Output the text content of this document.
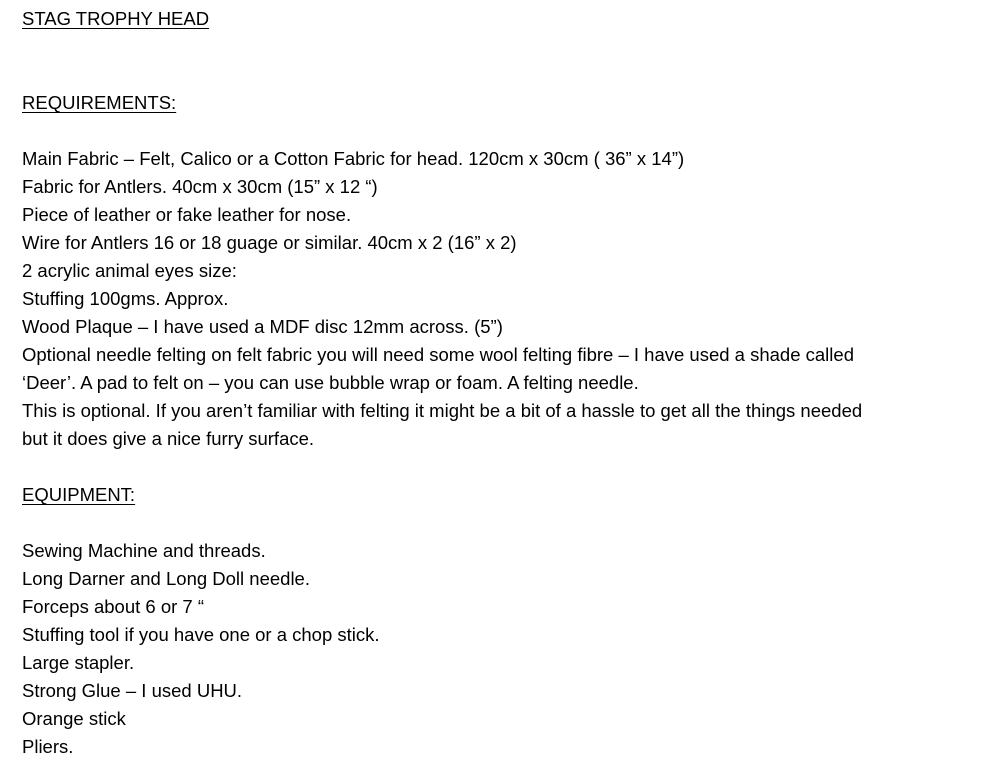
STAG TROPHY HEAD
REQUIREMENTS:
Main Fabric – Felt, Calico or a Cotton Fabric for head. 120cm x 30cm ( 36” x 14”)
Fabric for Antlers. 40cm x 30cm (15” x 12 “)
Piece of leather or fake leather for nose.
Wire for Antlers 16 or 18 guage or similar. 40cm x 2 (16” x 2)
2 acrylic animal eyes size:
Stuffing 100gms. Approx.
Wood Plaque – I have used a MDF disc 12mm across. (5”)
Optional needle felting on felt fabric you will need some wool felting fibre – I have used a shade called
‘Deer’. A pad to felt on – you can use bubble wrap or foam. A felting needle.
This is optional. If you aren’t familiar with felting it might be a bit of a hassle to get all the things needed
but it does give a nice furry surface.
EQUIPMENT:
Sewing Machine and threads.
Long Darner and Long Doll needle.
Forceps about 6 or 7 “
Stuffing tool if you have one or a chop stick.
Large stapler.
Strong Glue – I used UHU.
Orange stick
Pliers.
